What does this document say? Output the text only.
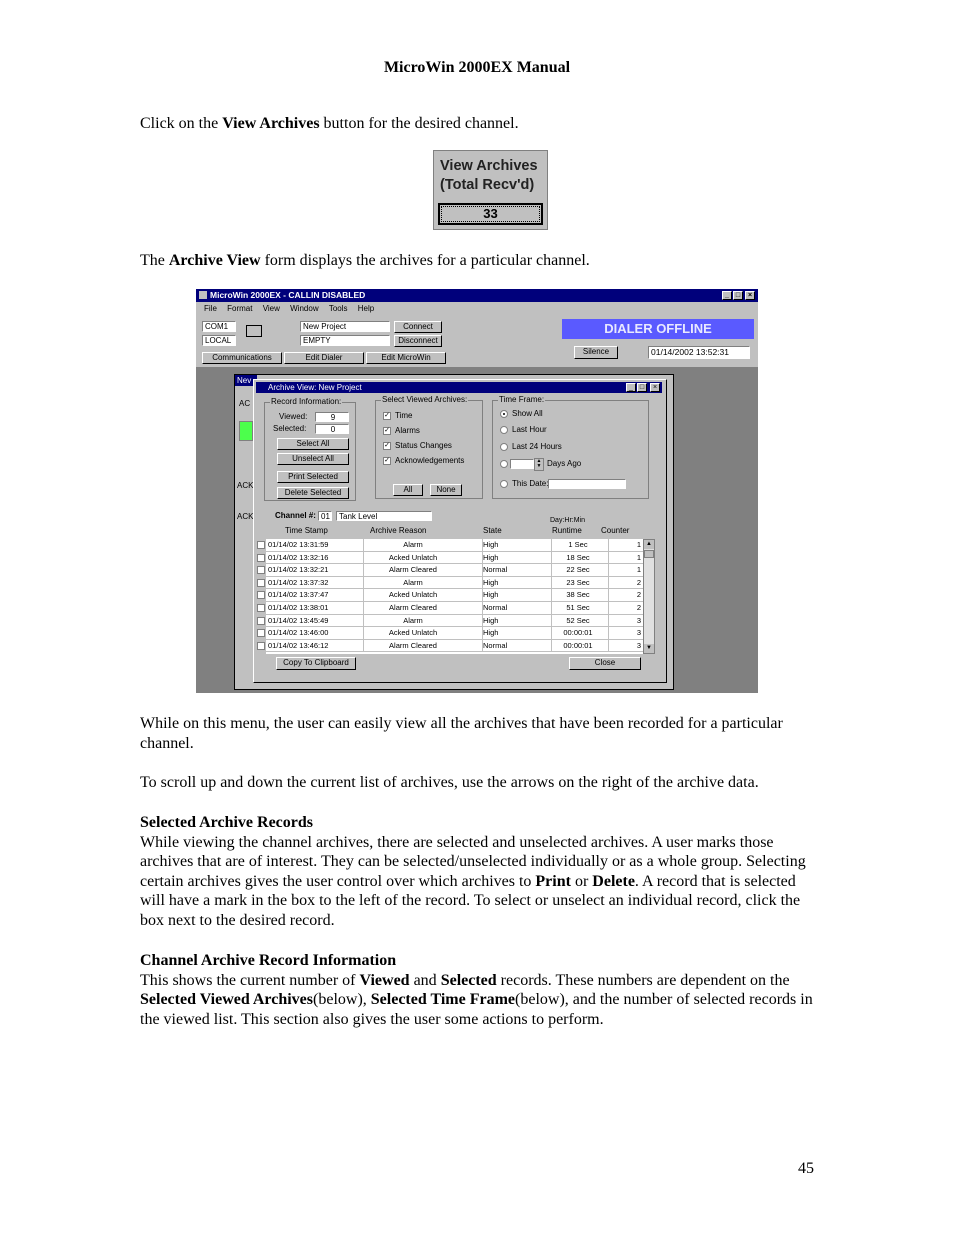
MicroWin 2000EX Manual
Click on the View Archives button for the desired channel.
View Archives
(Total Recv'd)
33
The Archive View form displays the archives for a particular channel.
MicroWin 2000EX - CALLIN DISABLED	_ □	×
File Format View Window Tools Help
COM1
LOCAL
New Project
EMPTY
Connect
Disconnect
Communications	Edit Dialer	Edit MicroWin
DIALER OFFLINE
Silence	01/14/2002 13:52:31
Nev
AC
ACK
ACK
Archive View: New Project	_ □	×
Record Information:
Viewed:	9
Selected:	0
Select All
Unselect All
Print Selected
Delete Selected
Select Viewed Archives:
✓ Time
✓ Alarms
✓ Status Changes
✓ Acknowledgements
All	None
Time Frame:
Show All
Last Hour
Last 24 Hours
▲
▼ Days Ago
This Date:
Channel #: 01	Tank Level	Day:Hr:Min
Time Stamp	Archive Reason	State	Runtime Counter
01/14/02 13:31:59	Alarm	High	1 Sec	1
01/14/02 13:32:16	Acked Unlatch	High	18 Sec	1
01/14/02 13:32:21	Alarm Cleared	Normal	22 Sec	1
01/14/02 13:37:32	Alarm	High	23 Sec	2
01/14/02 13:37:47	Acked Unlatch	High	38 Sec	2
01/14/02 13:38:01	Alarm Cleared	Normal	51 Sec	2
01/14/02 13:45:49	Alarm	High	52 Sec	3
01/14/02 13:46:00	Acked Unlatch	High	00:00:01	3
01/14/02 13:46:12	Alarm Cleared	Normal	00:00:01	3
▲
▼
Copy To Clipboard	Close
While on this menu, the user can easily view all the archives that have been recorded for a particular channel.
To scroll up and down the current list of archives, use the arrows on the right of the archive data.
Selected Archive Records
While viewing the channel archives, there are selected and unselected archives. A user marks those archives that are of interest. They can be selected/unselected individually or as a whole group. Selecting certain archives gives the user control over which archives to Print or Delete. A record that is selected will have a mark in the box to the left of the record. To select or unselect an individual record, click the box next to the desired record.
Channel Archive Record Information
This shows the current number of Viewed and Selected records. These numbers are dependent on the Selected Viewed Archives(below), Selected Time Frame(below), and the number of selected records in the viewed list. This section also gives the user some actions to perform.
45
